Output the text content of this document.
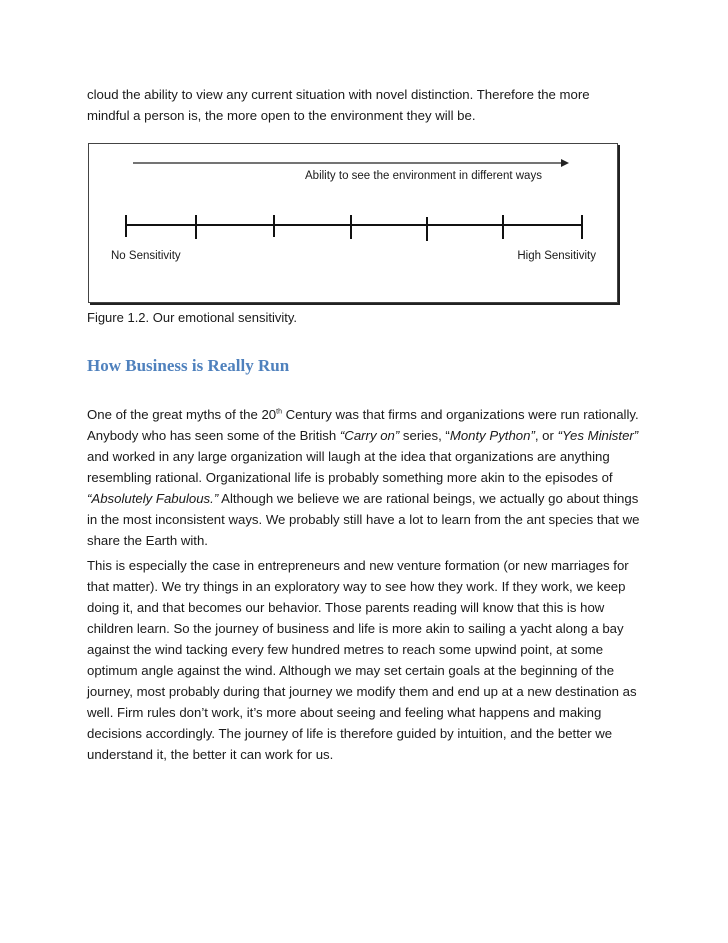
cloud the ability to view any current situation with novel distinction. Therefore the more
mindful a person is, the more open to the environment they will be.

Ability to see the environment in different ways
No Sensitivity	High Sensitivity
Figure 1.2. Our emotional sensitivity.
How Business is Really Run

One of the great myths of the 20th Century was that firms and organizations were run rationally.
Anybody who has seen some of the British “Carry on” series, “Monty Python”, or “Yes Minister”
and worked in any large organization will laugh at the idea that organizations are anything
resembling rational. Organizational life is probably something more akin to the episodes of
“Absolutely Fabulous.” Although we believe we are rational beings, we actually go about things
in the most inconsistent ways. We probably still have a lot to learn from the ant species that we
share the Earth with.

This is especially the case in entrepreneurs and new venture formation (or new marriages for
that matter). We try things in an exploratory way to see how they work. If they work, we keep
doing it, and that becomes our behavior. Those parents reading will know that this is how
children learn. So the journey of business and life is more akin to sailing a yacht along a bay
against the wind tacking every few hundred metres to reach some upwind point, at some
optimum angle against the wind. Although we may set certain goals at the beginning of the
journey, most probably during that journey we modify them and end up at a new destination as
well. Firm rules don’t work, it’s more about seeing and feeling what happens and making
decisions accordingly. The journey of life is therefore guided by intuition, and the better we
understand it, the better it can work for us.
